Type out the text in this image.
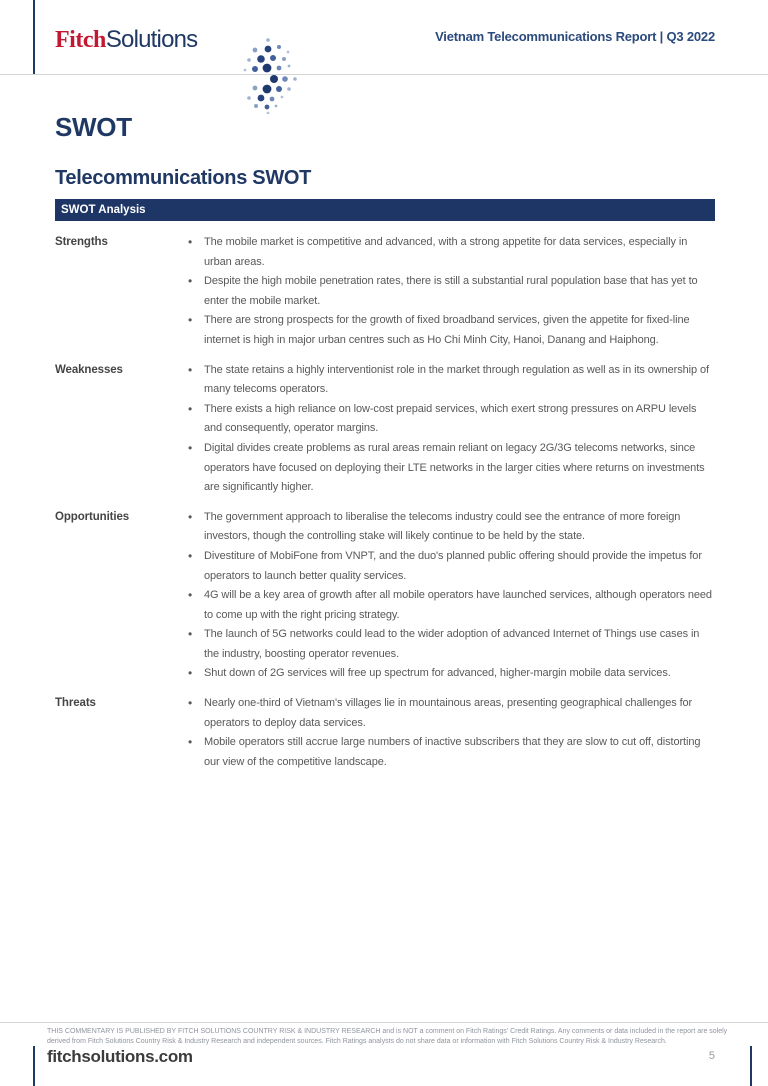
FitchSolutions	Vietnam Telecommunications Report | Q3 2022
SWOT
Telecommunications SWOT
SWOT Analysis
Strengths	• The mobile market is competitive and advanced, with a strong appetite for data services, especially in urban areas.
• Despite the high mobile penetration rates, there is still a substantial rural population base that has yet to enter the mobile market.
• There are strong prospects for the growth of fixed broadband services, given the appetite for fixed-line internet is high in major urban centres such as Ho Chi Minh City, Hanoi, Danang and Haiphong.
Weaknesses	• The state retains a highly interventionist role in the market through regulation as well as in its ownership of many telecoms operators.
• There exists a high reliance on low-cost prepaid services, which exert strong pressures on ARPU levels and consequently, operator margins.
• Digital divides create problems as rural areas remain reliant on legacy 2G/3G telecoms networks, since operators have focused on deploying their LTE networks in the larger cities where returns on investments are significantly higher.
Opportunities	• The government approach to liberalise the telecoms industry could see the entrance of more foreign investors, though the controlling stake will likely continue to be held by the state.
• Divestiture of MobiFone from VNPT, and the duo's planned public offering should provide the impetus for operators to launch better quality services.
• 4G will be a key area of growth after all mobile operators have launched services, although operators need to come up with the right pricing strategy.
• The launch of 5G networks could lead to the wider adoption of advanced Internet of Things use cases in the industry, boosting operator revenues.
• Shut down of 2G services will free up spectrum for advanced, higher-margin mobile data services.
Threats	• Nearly one-third of Vietnam's villages lie in mountainous areas, presenting geographical challenges for operators to deploy data services.
• Mobile operators still accrue large numbers of inactive subscribers that they are slow to cut off, distorting our view of the competitive landscape.
THIS COMMENTARY IS PUBLISHED BY FITCH SOLUTIONS COUNTRY RISK & INDUSTRY RESEARCH and is NOT a comment on Fitch Ratings' Credit Ratings. Any comments or data included in the report are solely derived from Fitch Solutions Country Risk & Industry Research and independent sources. Fitch Ratings analysts do not share data or information with Fitch Solutions Country Risk & Industry Research.
fitchsolutions.com	5
